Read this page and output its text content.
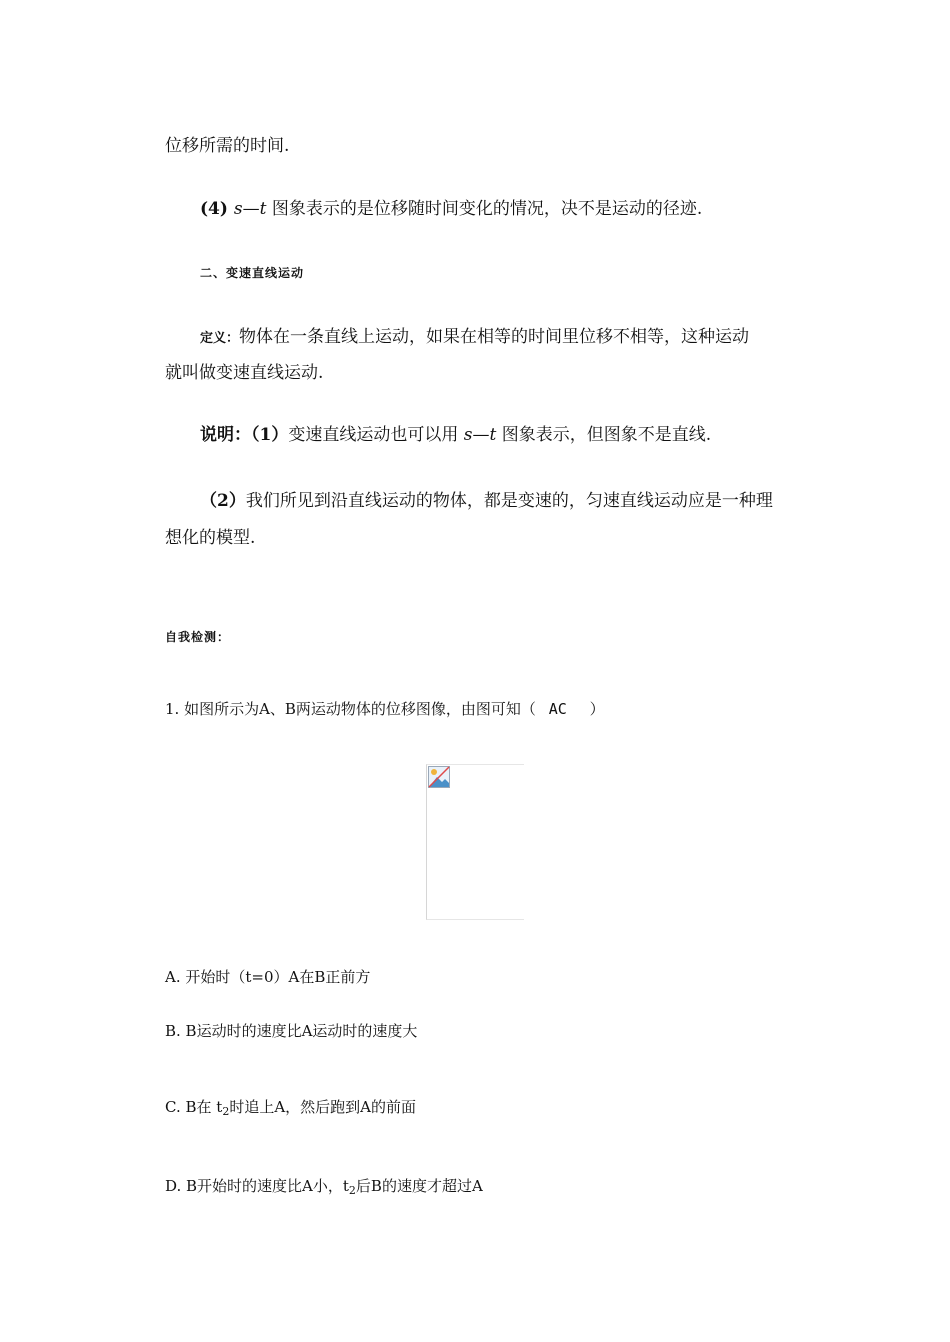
位移所需的时间.
(4) s—t 图象表示的是位移随时间变化的情况，决不是运动的径迹.
二、变速直线运动
定义：物体在一条直线上运动，如果在相等的时间里位移不相等，这种运动
就叫做变速直线运动.
说明：（1）变速直线运动也可以用 s—t 图象表示，但图象不是直线.
（2）我们所见到沿直线运动的物体，都是变速的，匀速直线运动应是一种理
想化的模型.
自我检测：
1. 如图所示为A、B两运动物体的位移图像，由图可知（ AC ）
A. 开始时（t=0）A在B正前方
B. B运动时的速度比A运动时的速度大
C. B在 $t_2$时追上A，然后跑到A的前面
D. B开始时的速度比A小，$t_2$后B的速度才超过A
